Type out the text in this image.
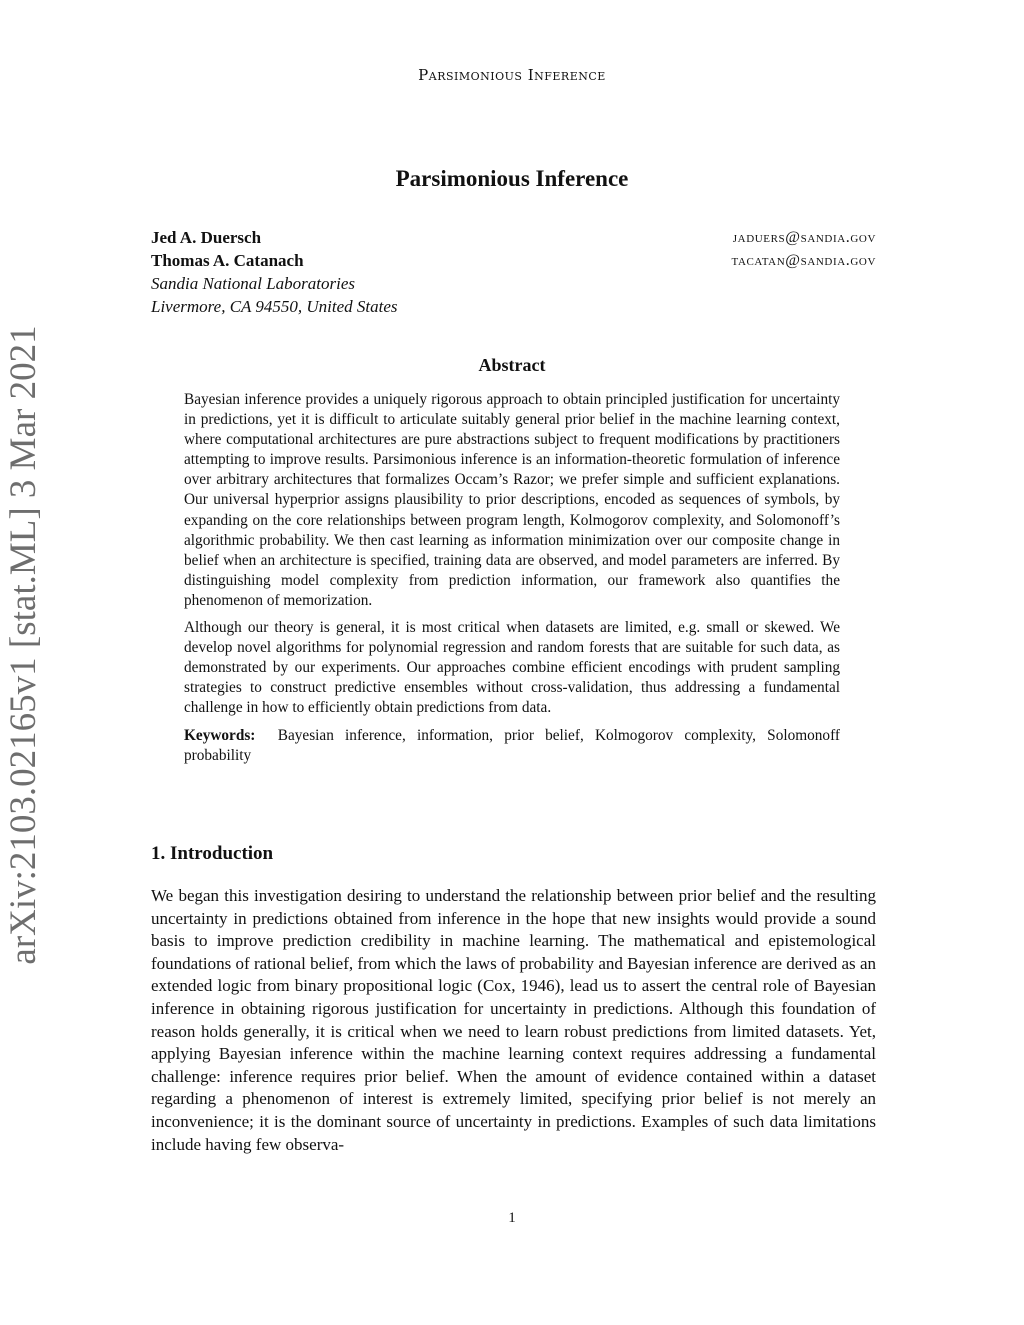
Parsimonious Inference
arXiv:2103.02165v1 [stat.ML] 3 Mar 2021
Parsimonious Inference
Jed A. Duersch	jaduers@sandia.gov
Thomas A. Catanach	tacatan@sandia.gov
Sandia National Laboratories
Livermore, CA 94550, United States
Abstract

Bayesian inference provides a uniquely rigorous approach to obtain principled justification for uncertainty in predictions, yet it is difficult to articulate suitably general prior belief in the machine learning context, where computational architectures are pure abstractions subject to frequent modifications by practitioners attempting to improve results. Parsimonious inference is an information-theoretic formulation of inference over arbitrary architectures that formalizes Occam’s Razor; we prefer simple and sufficient explanations. Our universal hyperprior assigns plausibility to prior descriptions, encoded as sequences of symbols, by expanding on the core relationships between program length, Kolmogorov complexity, and Solomonoff’s algorithmic probability. We then cast learning as information minimization over our composite change in belief when an architecture is specified, training data are observed, and model parameters are inferred. By distinguishing model complexity from prediction information, our framework also quantifies the phenomenon of memorization.

Although our theory is general, it is most critical when datasets are limited, e.g. small or skewed. We develop novel algorithms for polynomial regression and random forests that are suitable for such data, as demonstrated by our experiments. Our approaches combine efficient encodings with prudent sampling strategies to construct predictive ensembles without cross-validation, thus addressing a fundamental challenge in how to efficiently obtain predictions from data.

Keywords: Bayesian inference, information, prior belief, Kolmogorov complexity, Solomonoff probability

1. Introduction

We began this investigation desiring to understand the relationship between prior belief and the resulting uncertainty in predictions obtained from inference in the hope that new insights would provide a sound basis to improve prediction credibility in machine learning. The mathematical and epistemological foundations of rational belief, from which the laws of probability and Bayesian inference are derived as an extended logic from binary propositional logic (Cox, 1946), lead us to assert the central role of Bayesian inference in obtaining rigorous justification for uncertainty in predictions. Although this foundation of reason holds generally, it is critical when we need to learn robust predictions from limited datasets. Yet, applying Bayesian inference within the machine learning context requires addressing a fundamental challenge: inference requires prior belief. When the amount of evidence contained within a dataset regarding a phenomenon of interest is extremely limited, specifying prior belief is not merely an inconvenience; it is the dominant source of uncertainty in predictions. Examples of such data limitations include having few observa-

1
